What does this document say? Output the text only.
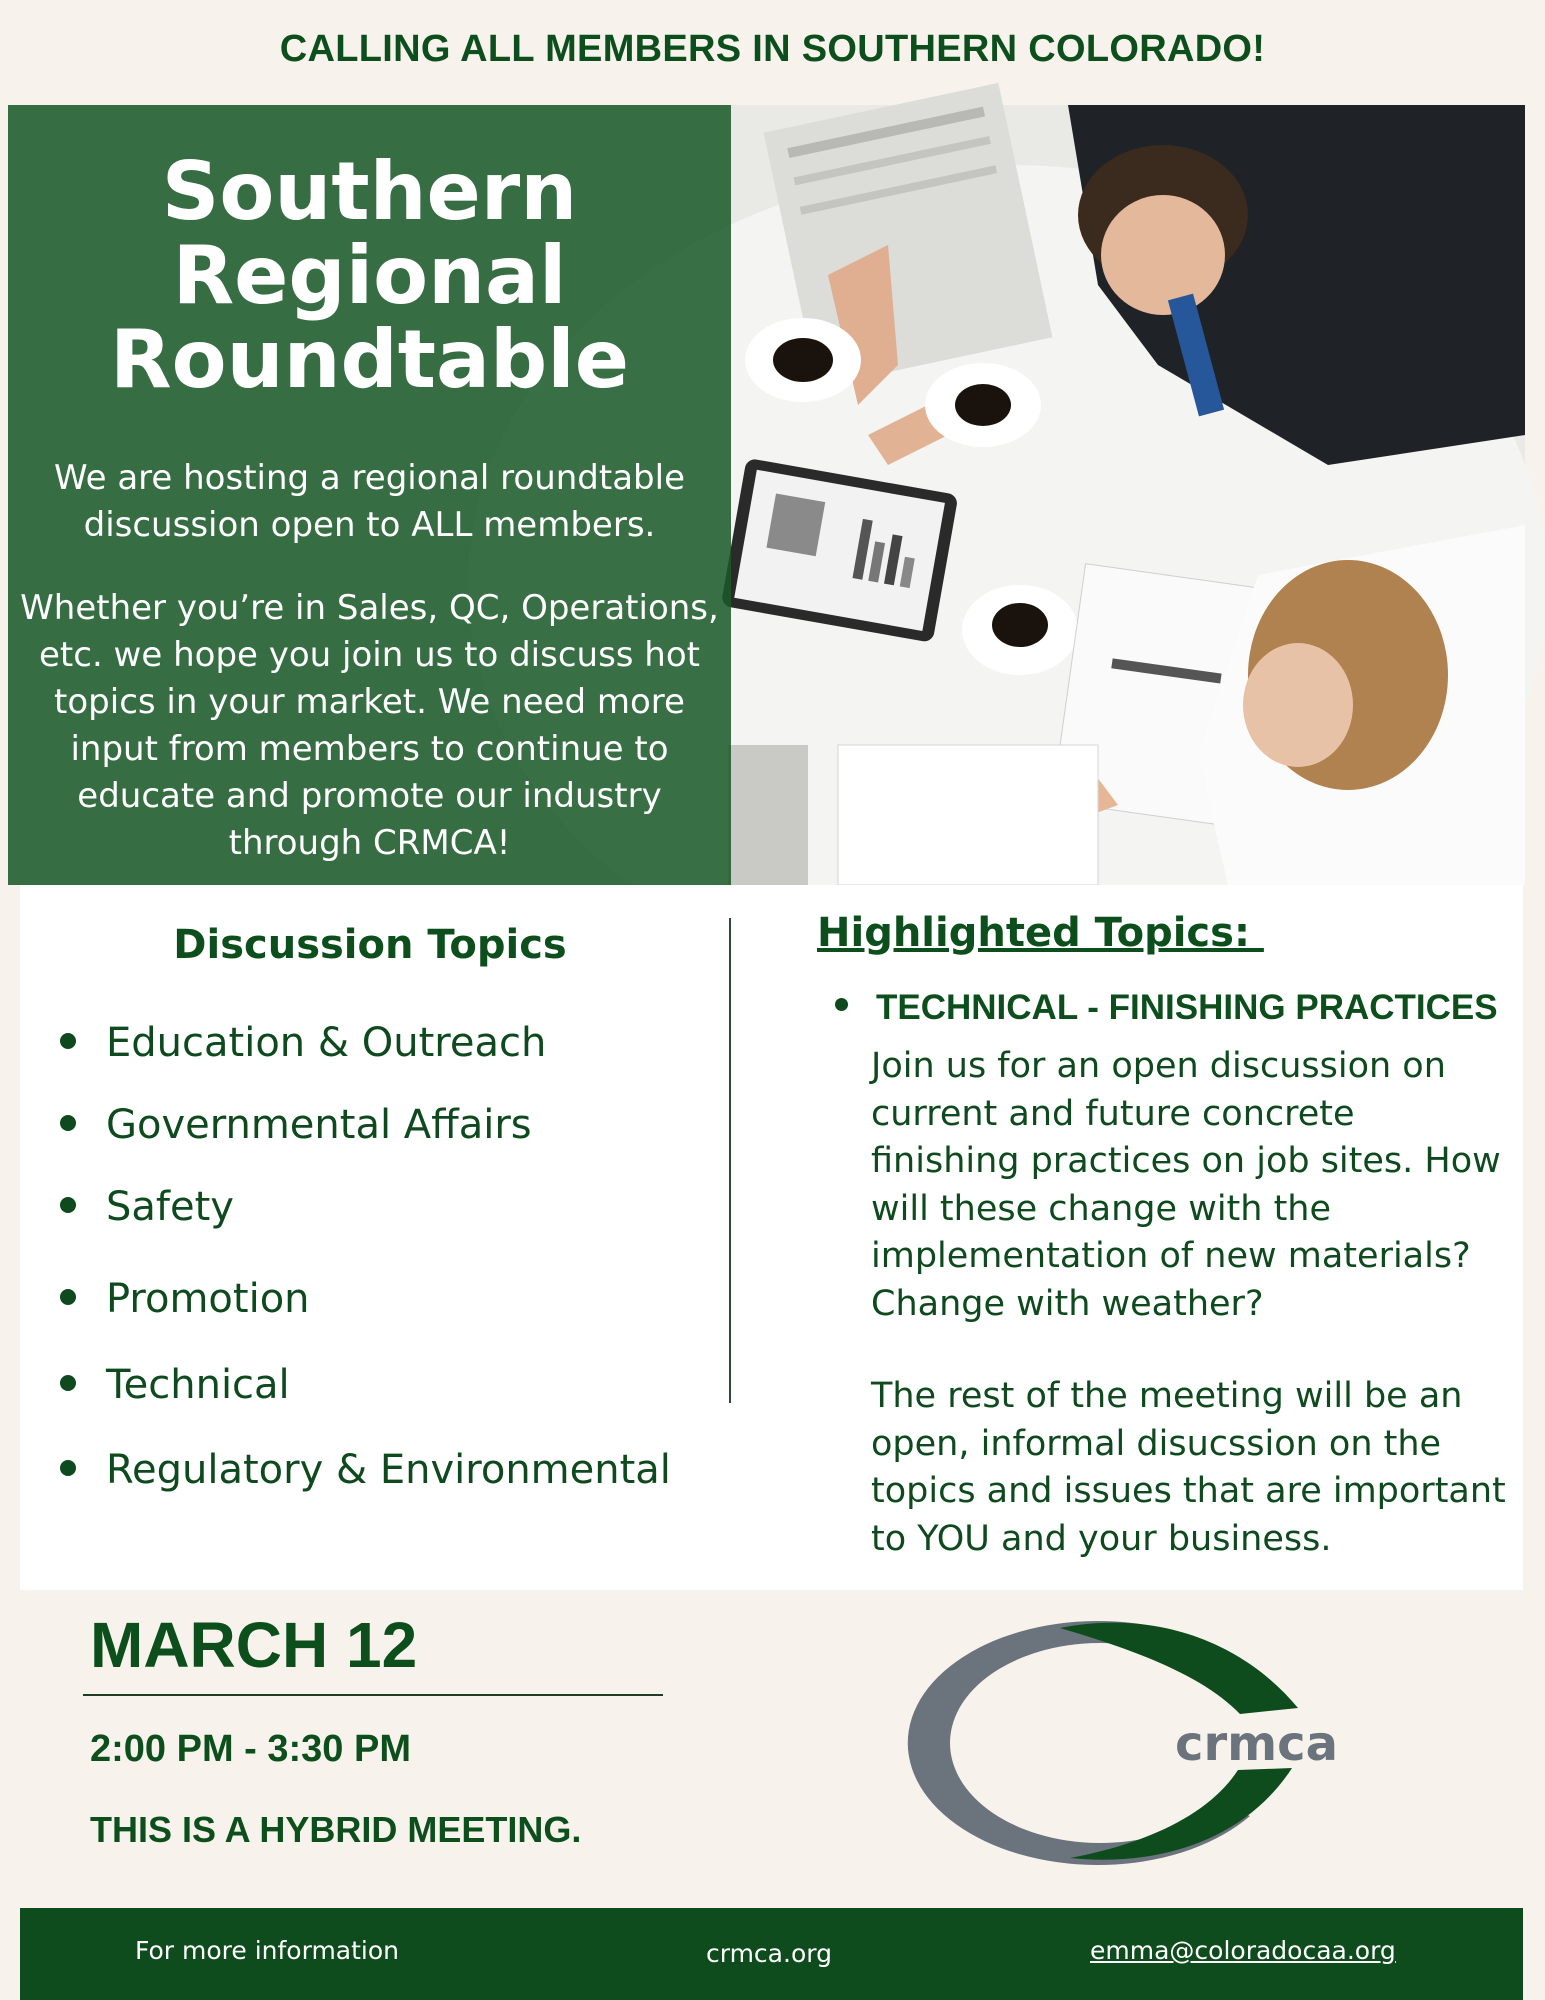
CALLING ALL MEMBERS IN SOUTHERN COLORADO!
Southern
Regional
Roundtable
We are hosting a regional roundtable discussion open to ALL members.
Whether you’re in Sales, QC, Operations, etc. we hope you join us to discuss hot topics in your market. We need more input from members to continue to educate and promote our industry through CRMCA!
Discussion Topics
Education & Outreach
Governmental Affairs
Safety
Promotion
Technical
Regulatory & Environmental
Highlighted Topics:
TECHNICAL - FINISHING PRACTICES
Join us for an open discussion on current and future concrete finishing practices on job sites. How will these change with the implementation of new materials? Change with weather?
The rest of the meeting will be an open, informal disucssion on the topics and issues that are important to YOU and your business.
MARCH 12
2:00 PM - 3:30 PM
THIS IS A HYBRID MEETING.
crmca
For more information	crmca.org	emma@coloradocaa.org
